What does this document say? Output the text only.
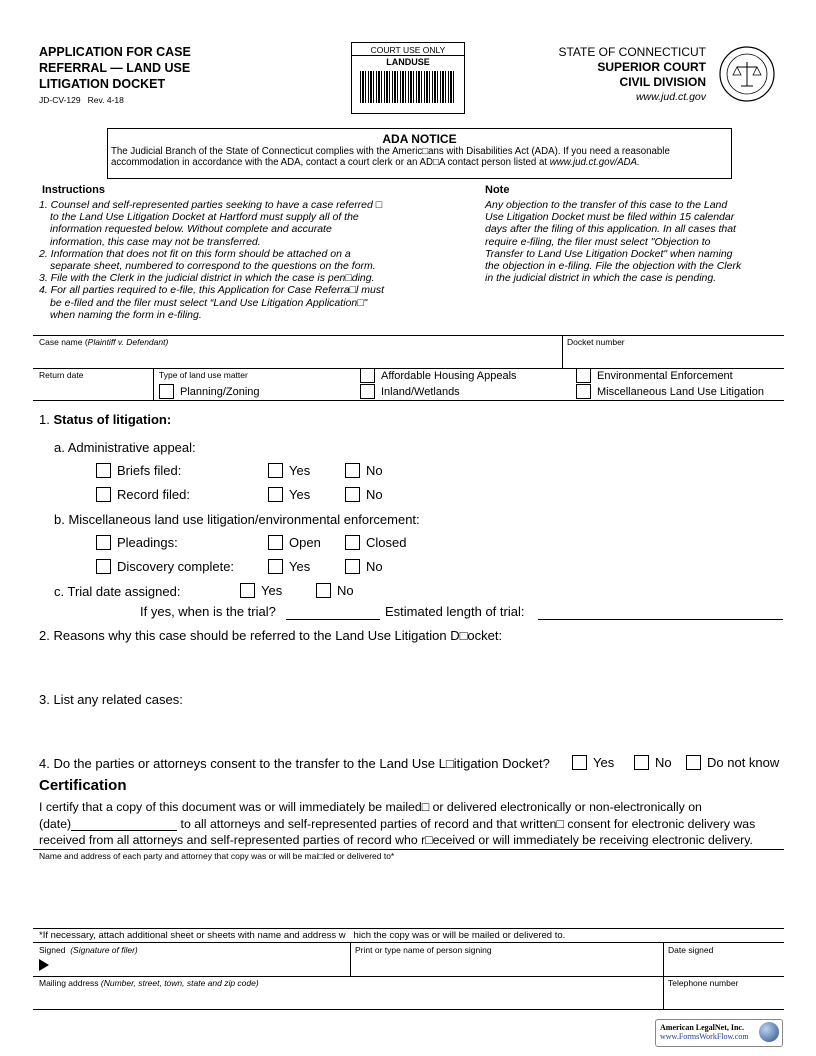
APPLICATION FOR CASE
REFERRAL — LAND USE
LITIGATION DOCKET
JD-CV-129   Rev. 4-18
COURT USE ONLY
LANDUSE
STATE OF CONNECTICUT
SUPERIOR COURT
CIVIL DIVISION
www.jud.ct.gov
ADA NOTICE
The Judicial Branch of the State of Connecticut complies with the Americ□ans with Disabilities Act (ADA). If you need a reasonable
accommodation in accordance with the ADA, contact a court clerk or an AD□A contact person listed at www.jud.ct.gov/ADA.
Instructions
1. Counsel and self-represented parties seeking to have a case referred □
to the Land Use Litigation Docket at Hartford must supply all of the
information requested below. Without complete and accurate
information, this case may not be transferred.
2. Information that does not fit on this form should be attached on a
separate sheet, numbered to correspond to the questions on the form.
3. File with the Clerk in the judicial district in which the case is pen□ding.
4. For all parties required to e-file, this Application for Case Referra□l must
be e-filed and the filer must select “Land Use Litigation Application□"
when naming the form in e-filing.
Note
Any objection to the transfer of this case to the Land
Use Litigation Docket must be filed within 15 calendar
days after the filing of this application. In all cases that
require e-filing, the filer must select "Objection to
Transfer to Land Use Litigation Docket" when naming
the objection in e-filing. File the objection with the Clerk
in the judicial district in which the case is pending.
Case name (Plaintiff v. Defendant)	Docket number
Return date	Type of land use matter
Planning/Zoning
Affordable Housing Appeals
Inland/Wetlands
Environmental Enforcement
Miscellaneous Land Use Litigation
1. Status of litigation:
a. Administrative appeal:
Briefs filed:	Yes	No
Record filed:	Yes	No
b. Miscellaneous land use litigation/environmental enforcement:
Pleadings:	Open	Closed
Discovery complete:	Yes	No
c. Trial date assigned:	Yes	No
If yes, when is the trial?	Estimated length of trial:
2. Reasons why this case should be referred to the Land Use Litigation D□ocket:
3. List any related cases:
4. Do the parties or attorneys consent to the transfer to the Land Use L□itigation Docket?	Yes	No	Do not know
Certification
I certify that a copy of this document was or will immediately be mailed□ or delivered electronically or non-electronically on
(date)	to all attorneys and self-represented parties of record and that written□ consent for electronic delivery was
received from all attorneys and self-represented parties of record who r□eceived or will immediately be receiving electronic delivery.
Name and address of each party and attorney that copy was or will be mai□led or delivered to*
*If necessary, attach additional sheet or sheets with name and address w   hich the copy was or will be mailed or delivered to.
Signed  (Signature of filer)	Print or type name of person signing	Date signed
Mailing address (Number, street, town, state and zip code)	Telephone number
American LegalNet, Inc.
www.FormsWorkFlow.com
